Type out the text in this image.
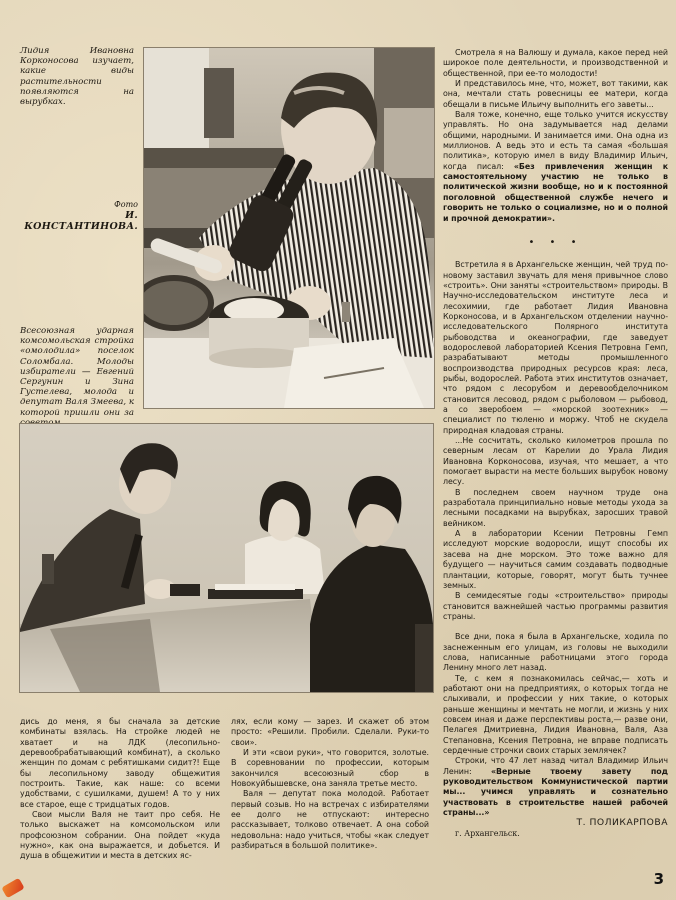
Лидия Ивановна Корконосова изучает, какие виды растительности появляются на вырубках.
Фото
И. КОНСТАНТИНОВА.
Всесоюзная ударная комсомольская стройка «омолодила» поселок Соломбала. Молоды избиратели — Евгений Сергунин и Зина Густелева, молода и депутат Валя Змеева, к которой пришли они за

Смотрела я на Валюшу и думала, какое перед ней широкое поле деятельности, и производственной и общественной, при ее-то молодости!

И представилось мне, что, может, вот такими, как она, мечтали стать ровесницы ее матери, когда обещали в письме Ильичу выполнить его заветы...

Валя тоже, конечно, еще только учится искусству управлять. Но она задумывается над делами общими, народными. И занимается ими. Она одна из миллионов. А ведь это и есть та самая «большая политика», которую имел в виду Владимир Ильич, когда писал: «Без привлечения женщин к самостоятельному участию не только в политической жизни вообще, но и к постоянной поголовной общественной службе нечего и говорить не только о социализме, но и о полной и прочной демократии».

• • •

Встретила я в Архангельске женщин, чей труд по-новому заставил звучать для меня привычное слово «строить». Они заняты «строительством» природы. В Научно-исследовательском институте леса и лесохимии, где работает Лидия Ивановна Корконосова, и в Архангельском отделении научно-исследовательского Полярного института рыбоводства и океанографии, где заведует водорослевой лабораторией Ксения Петровна Гемп, разрабатывают методы промышленного воспроизводства природных ресурсов края: леса, рыбы, водорослей. Работа этих институтов означает, что рядом с лесорубом и деревообделочником становится лесовод, рядом с рыболовом — рыбовод, а со зверобоем — «морской зоотехник» — специалист по тюленю и моржу. Чтоб не скудела природная кладовая страны.

...Не сосчитать, сколько километров прошла по северным лесам от Карелии до Урала Лидия Ивановна Корконосова, изучая, что мешает, а что помогает вырасти на месте больших вырубок новому лесу.

В последнем своем научном труде она разработала принципиально новые методы ухода за лесными посадками на вырубках, заросших травой вейником.

А в лаборатории Ксении Петровны Гемп исследуют морские водоросли, ищут способы их засева на дне морском. Это тоже важно для будущего — научиться самим создавать подводные плантации, которые, говорят, могут быть тучнее земных.

В семидесятые годы «строительство» природы становится важнейшей частью программы развития страны.

Все дни, пока я была в Архангельске, ходила по заснеженным его улицам, из головы не выходили слова, написанные работницами этого города Ленину много лет назад.

Те, с кем я познакомилась сейчас,— хоть и работают они на предприятиях, о которых тогда не слыхивали, и профессии у них такие, о которых раньше женщины и мечтать не могли, и жизнь у них совсем иная и даже перспективы роста,— разве они, Пелагея Дмитриевна, Лидия Ивановна, Валя, Аза Степановна, Ксения Петровна, не вправе подписать сердечные строчки своих старых землячек?

Строки, что 47 лет назад читал Владимир Ильич Ленин: «Верные твоему завету под руководительством Коммунистической партии мы... учимся управлять и сознательно участвовать в строительстве нашей рабочей страны...»

Т. ПОЛИКАРПОВА

г. Архангельск.

дись до меня, я бы сначала за детские комбинаты взялась. На стройке людей не хватает и на ЛДК (лесопильно-деревообрабатывающий комбинат), а сколько женщин по домам с ребятишками сидит?! Еще бы лесопильному заводу общежития построить. Такие, как наше: со всеми удобствами, с сушилками, душем! А то у них все старое, еще с тридцатых годов.

Свои мысли Валя не таит про себя. Не только выскажет на комсомольском или профсоюзном собрании. Она пойдет «куда нужно», как она выражается, и добьется. И душа в общежитии и места в детских яс-

лях, если кому — зарез. И скажет об этом просто: «Решили. Пробили. Сделали. Руки-то свои».

И эти «свои руки», что говорится, золотые. В соревновании по профессии, которым закончился всесоюзный сбор в Новокуйбышевске, она заняла третье место.

Валя — депутат пока молодой. Работает первый созыв. Но на встречах с избирателями ее долго не отпускают: интересно рассказывает, толково отвечает. А она собой недовольна: надо учиться, чтобы «как следует разбираться в большой политике».

3
